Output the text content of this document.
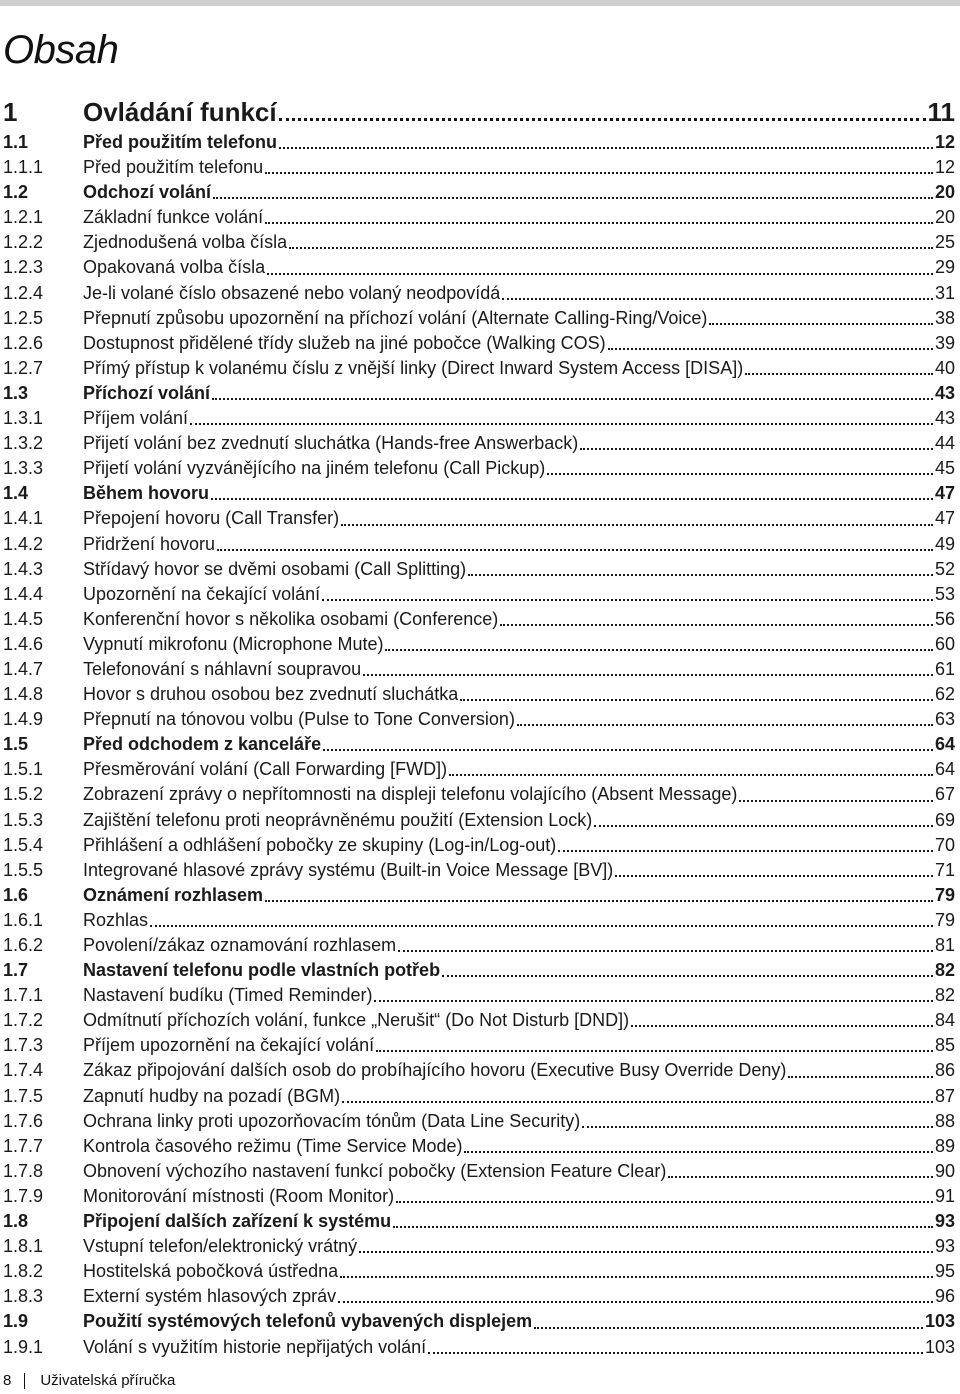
Obsah
1	Ovládání funkcí	11
1.1	Před použitím telefonu	12
1.1.1	Před použitím telefonu	12
1.2	Odchozí volání	20
1.2.1	Základní funkce volání	20
1.2.2	Zjednodušená volba čísla	25
1.2.3	Opakovaná volba čísla	29
1.2.4	Je-li volané číslo obsazené nebo volaný neodpovídá	31
1.2.5	Přepnutí způsobu upozornění na příchozí volání (Alternate Calling-Ring/Voice)	38
1.2.6	Dostupnost přidělené třídy služeb na jiné pobočce (Walking COS)	39
1.2.7	Přímý přístup k volanému číslu z vnější linky (Direct Inward System Access [DISA])	40
1.3	Příchozí volání	43
1.3.1	Příjem volání	43
1.3.2	Přijetí volání bez zvednutí sluchátka (Hands-free Answerback)	44
1.3.3	Přijetí volání vyzváněјícího na jiném telefonu (Call Pickup)	45
1.4	Během hovoru	47
1.4.1	Přepojení hovoru (Call Transfer)	47
1.4.2	Přidržení hovoru	49
1.4.3	Střídavý hovor se dvěmi osobami (Call Splitting)	52
1.4.4	Upozornění na čekající volání	53
1.4.5	Konferenční hovor s několika osobami (Conference)	56
1.4.6	Vypnutí mikrofonu (Microphone Mute)	60
1.4.7	Telefonování s náhlavní soupravou	61
1.4.8	Hovor s druhou osobou bez zvednutí sluchátka	62
1.4.9	Přepnutí na tónovou volbu (Pulse to Tone Conversion)	63
1.5	Před odchodem z kanceláře	64
1.5.1	Přesměrování volání (Call Forwarding [FWD])	64
1.5.2	Zobrazení zprávy o nepřítomnosti na displeji telefonu volajícího (Absent Message)	67
1.5.3	Zajištění telefonu proti neoprávněnému použití (Extension Lock)	69
1.5.4	Přihlášení a odhlášení pobočky ze skupiny (Log-in/Log-out)	70
1.5.5	Integrované hlasové zprávy systému (Built-in Voice Message [BV])	71
1.6	Oznámení rozhlasem	79
1.6.1	Rozhlas	79
1.6.2	Povolení/zákaz oznamování rozhlasem	81
1.7	Nastavení telefonu podle vlastních potřeb	82
1.7.1	Nastavení budíku (Timed Reminder)	82
1.7.2	Odmítnutí příchozích volání, funkce „Nerušit“ (Do Not Disturb [DND])	84
1.7.3	Příjem upozornění na čekající volání	85
1.7.4	Zákaz připojování dalších osob do probíhajícího hovoru (Executive Busy Override Deny)	86
1.7.5	Zapnutí hudby na pozadí (BGM)	87
1.7.6	Ochrana linky proti upozorňovacím tónům (Data Line Security)	88
1.7.7	Kontrola časového režimu (Time Service Mode)	89
1.7.8	Obnovení výchozího nastavení funkcí pobočky (Extension Feature Clear)	90
1.7.9	Monitorování místnosti (Room Monitor)	91
1.8	Připojení dalších zařízení k systému	93
1.8.1	Vstupní telefon/elektronický vrátný	93
1.8.2	Hostitelská pobočková ústředna	95
1.8.3	Externí systém hlasových zpráv	96
1.9	Použití systémových telefonů vybavených displejem	103
1.9.1	Volání s využitím historie nepřijatých volání	103
8 Uživatelská příručka
